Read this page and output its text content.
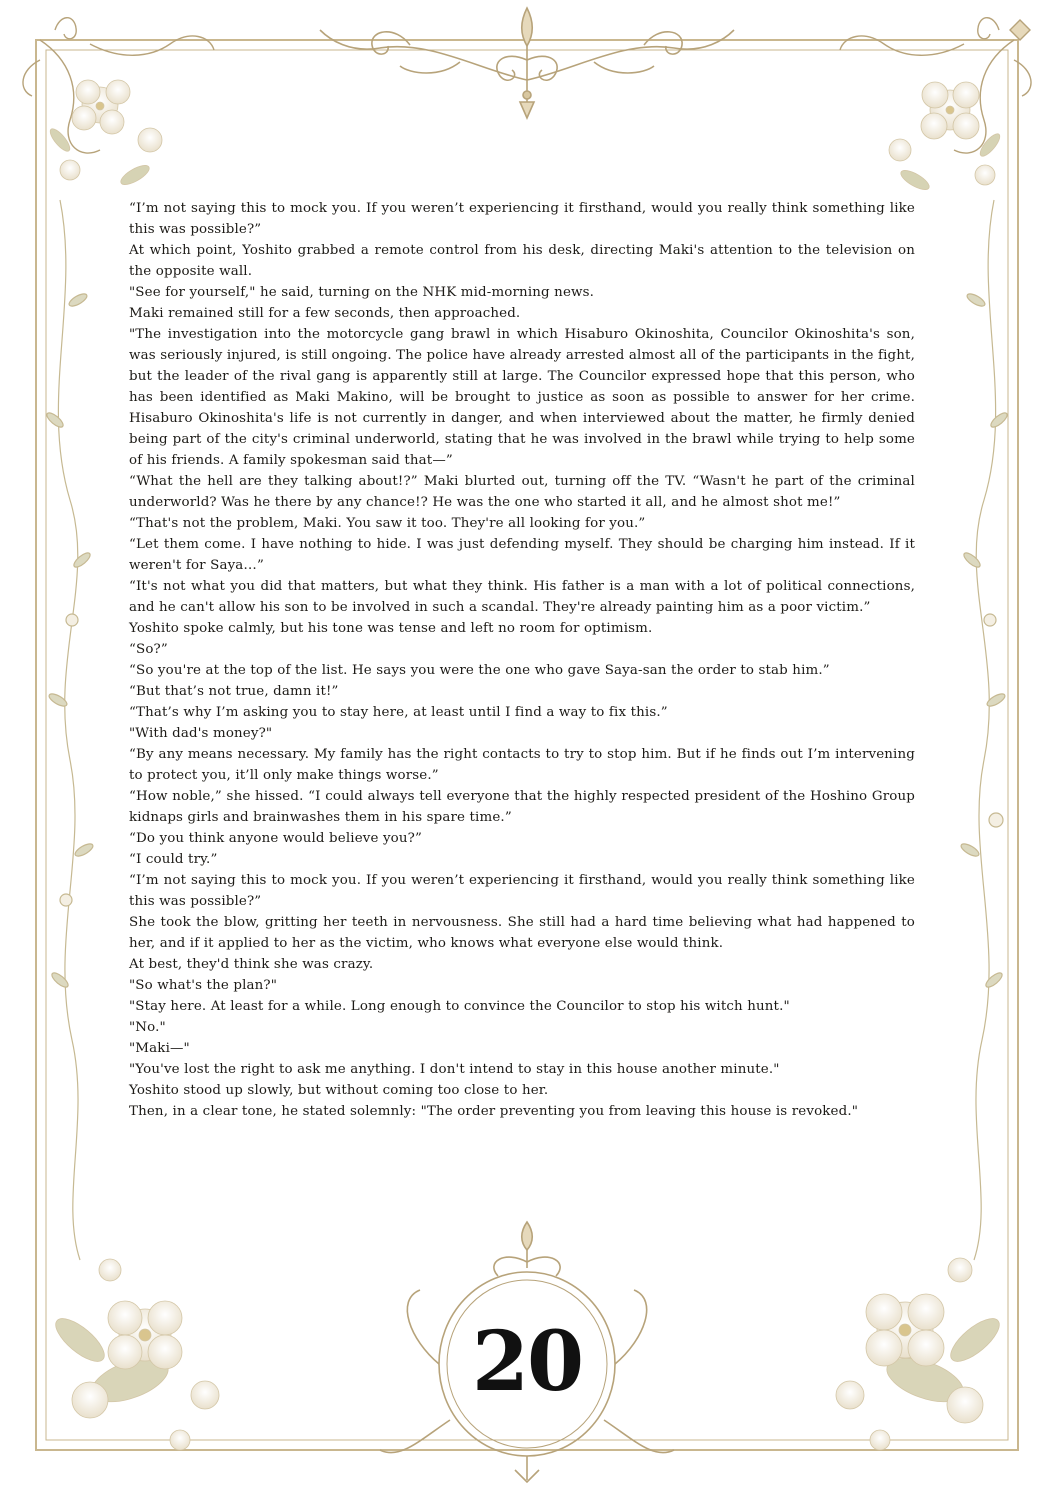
“I’m not saying this to mock you. If you weren’t experiencing it firsthand, would you really think something like this was possible?”

At which point, Yoshito grabbed a remote control from his desk, directing Maki's attention to the television on the opposite wall.

"See for yourself," he said, turning on the NHK mid-morning news.

Maki remained still for a few seconds, then approached.

"The investigation into the motorcycle gang brawl in which Hisaburo Okinoshita, Councilor Okinoshita's son, was seriously injured, is still ongoing. The police have already arrested almost all of the participants in the fight, but the leader of the rival gang is apparently still at large. The Councilor expressed hope that this person, who has been identified as Maki Makino, will be brought to justice as soon as possible to answer for her crime. Hisaburo Okinoshita's life is not currently in danger, and when interviewed about the matter, he firmly denied being part of the city's criminal underworld, stating that he was involved in the brawl while trying to help some of his friends. A family spokesman said that—”

“What the hell are they talking about!?” Maki blurted out, turning off the TV. “Wasn't he part of the criminal underworld? Was he there by any chance!? He was the one who started it all, and he almost shot me!”

“That's not the problem, Maki. You saw it too. They're all looking for you.”

“Let them come. I have nothing to hide. I was just defending myself. They should be charging him instead. If it weren't for Saya…”

“It's not what you did that matters, but what they think. His father is a man with a lot of political connections, and he can't allow his son to be involved in such a scandal. They're already painting him as a poor victim.”

Yoshito spoke calmly, but his tone was tense and left no room for optimism.

“So?”

“So you're at the top of the list. He says you were the one who gave Saya-san the order to stab him.”

“But that’s not true, damn it!”

“That’s why I’m asking you to stay here, at least until I find a way to fix this.”

"With dad's money?"

“By any means necessary. My family has the right contacts to try to stop him. But if he finds out I’m intervening to protect you, it’ll only make things worse.”

“How noble,” she hissed. “I could always tell everyone that the highly respected president of the Hoshino Group kidnaps girls and brainwashes them in his spare time.”

“Do you think anyone would believe you?”

“I could try.”

“I’m not saying this to mock you. If you weren’t experiencing it firsthand, would you really think something like this was possible?”

She took the blow, gritting her teeth in nervousness. She still had a hard time believing what had happened to her, and if it applied to her as the victim, who knows what everyone else would think.

At best, they'd think she was crazy.

"So what's the plan?"

"Stay here. At least for a while. Long enough to convince the Councilor to stop his witch hunt."

"No."

"Maki—"

"You've lost the right to ask me anything. I don't intend to stay in this house another minute."

Yoshito stood up slowly, but without coming too close to her.

Then, in a clear tone, he stated solemnly: "The order preventing you from leaving this house is revoked."

20
